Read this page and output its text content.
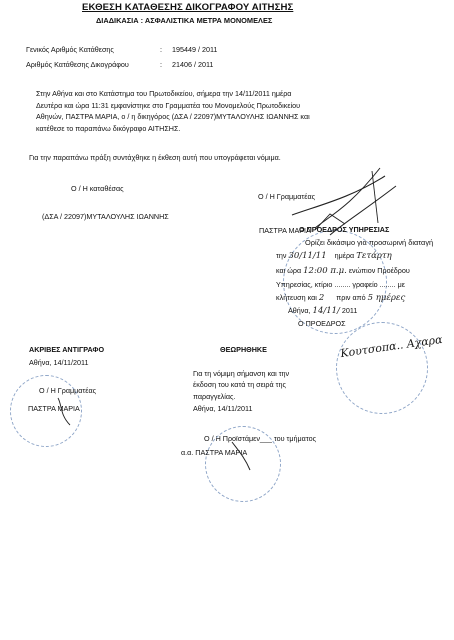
ΕΚΘΕΣΗ ΚΑΤΑΘΕΣΗΣ ΔΙΚΟΓΡΑΦΟΥ ΑΙΤΗΣΗΣ
ΔΙΑΔΙΚΑΣΙΑ : ΑΣΦΑΛΙΣΤΙΚΑ ΜΕΤΡΑ ΜΟΝΟΜΕΛΕΣ
Γενικός Αριθμός Κατάθεσης	: 195449 / 2011
Αριθμός Κατάθεσης Δικογράφου	: 21406 / 2011
Στην Αθήνα και στο Κατάστημα του Πρωτοδικείου, σήμερα την 14/11/2011 ημέρα
Δευτέρα και ώρα 11:31 εμφανίστηκε στο Γραμματέα του Μονομελούς Πρωτοδικείου
Αθηνών, ΠΑΣΤΡΑ ΜΑΡΙΑ, ο / η δικηγόρος (ΔΣΑ / 22097)ΜΥΤΑΛΟΥΛΗΣ ΙΩΑΝΝΗΣ και
κατέθεσε το παραπάνω δικόγραφο ΑΙΤΗΣΗΣ.
Για την παραπάνω πράξη συντάχθηκε η έκθεση αυτή που υπογράφεται νόμιμα.
Ο / Η καταθέσας
Ο / Η Γραμματέας
(ΔΣΑ / 22097)ΜΥΤΑΛΟΥΛΗΣ ΙΩΑΝΝΗΣ
ΠΑΣΤΡΑ ΜΑΡΙΑ
Ο ΠΡΟΕΔΡΟΣ ΥΠΗΡΕΣΙΑΣ
Ορίζει δικάσιμο για προσωρινή διαταγή
την 30/11/11 ημέρα Τετάρτη
και ώρα 12:00 π.μ. ενώπιον Προέδρου
Υπηρεσίας, κτίριο ........ γραφείο ........ με
κλήτευση και 2 πριν από 5 ημέρες
Αθήνα, 14/11/ 2011
Ο ΠΡΟΕΔΡΟΣ
ΑΚΡΙΒΕΣ ΑΝΤΙΓΡΑΦΟ
Αθήνα, 14/11/2011
Ο / Η Γραμματέας
ΠΑΣΤΡΑ ΜΑΡΙΑ
ΘΕΩΡΗΘΗΚΕ
Για τη νόμιμη σήμανση και την
έκδοση του κατά τη σειρά της
παραγγελίας.
Αθήνα, 14/11/2011
Ο / Η Προϊστάμεν___ του τμήματος
α.α. ΠΑΣΤΡΑ ΜΑΡΙΑ
Κουτσοπα.. Αχαρα
